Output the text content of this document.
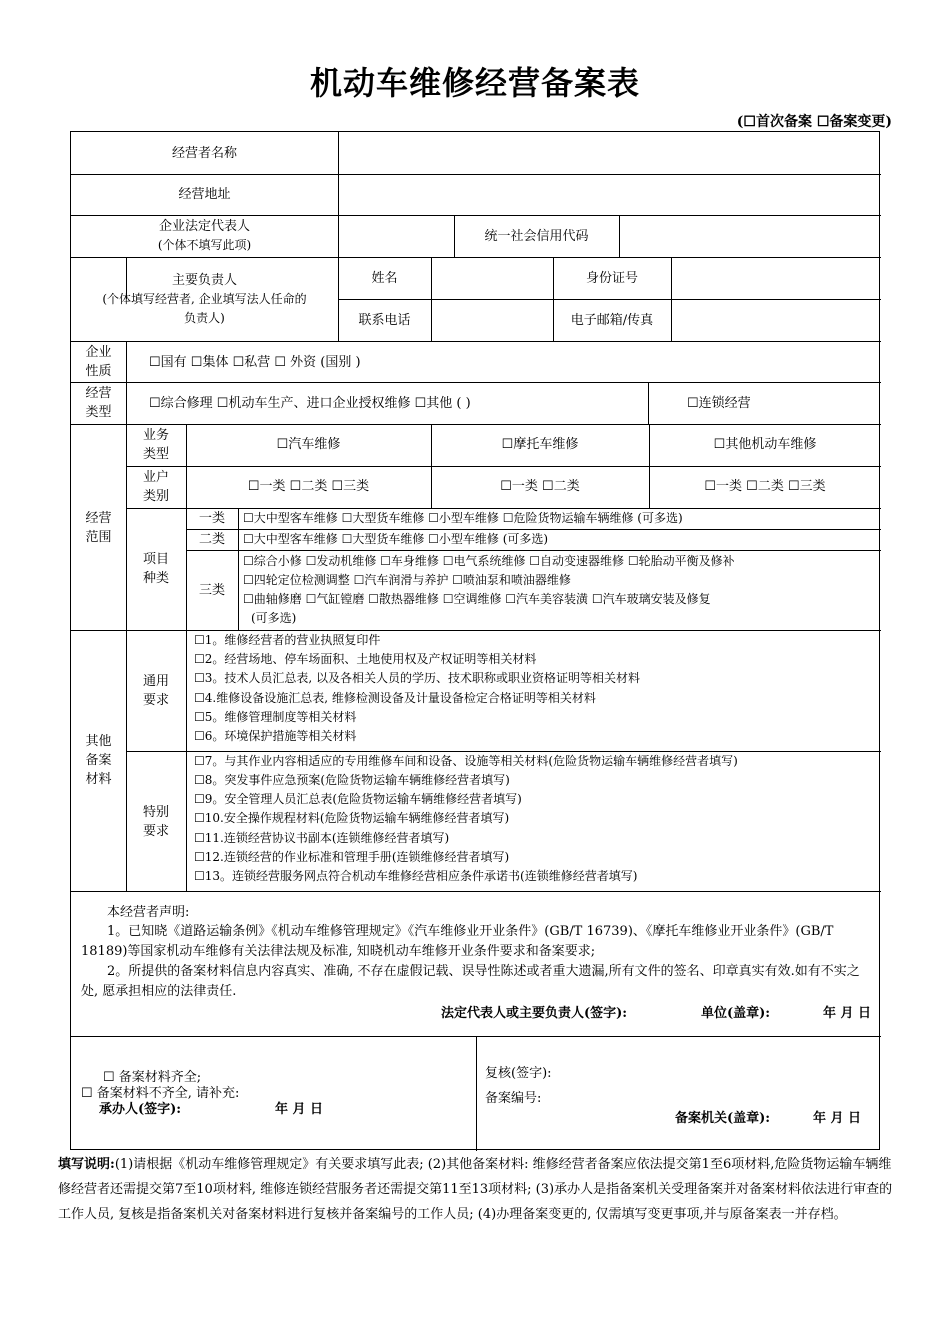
机动车维修经营备案表
(☐首次备案 ☐备案变更)
经营者名称
经营地址
企业法定代表人
(个体不填写此项)
统一社会信用代码
主要负责人
(个体填写经营者, 企业填写法人任命的
负责人)
姓名	身份证号
联系电话	电子邮箱/传真
企业
性质
☐国有 ☐集体 ☐私营 ☐ 外资 (国别 )
经营
类型
☐综合修理 ☐机动车生产、进口企业授权维修 ☐其他 ( )	☐连锁经营
经营
范围
业务
类型
☐汽车维修	☐摩托车维修	☐其他机动车维修
业户
类别
☐一类 ☐二类 ☐三类	☐一类 ☐二类	☐一类 ☐二类 ☐三类
项目
种类
一类	☐大中型客车维修 ☐大型货车维修 ☐小型车维修 ☐危险货物运输车辆维修 (可多选)
二类	☐大中型客车维修 ☐大型货车维修 ☐小型车维修 (可多选)
三类
☐综合小修 ☐发动机维修 ☐车身维修 ☐电气系统维修 ☐自动变速器维修 ☐轮胎动平衡及修补
☐四轮定位检测调整 ☐汽车润滑与养护 ☐喷油泵和喷油器维修
☐曲轴修磨 ☐气缸镗磨 ☐散热器维修 ☐空调维修 ☐汽车美容装潢 ☐汽车玻璃安装及修复
(可多选)
其他
备案
材料
通用
要求
特别
要求
☐1。维修经营者的营业执照复印件
☐2。经营场地、停车场面积、土地使用权及产权证明等相关材料
☐3。技术人员汇总表, 以及各相关人员的学历、技术职称或职业资格证明等相关材料
☐4.维修设备设施汇总表, 维修检测设备及计量设备检定合格证明等相关材料
☐5。维修管理制度等相关材料
☐6。环境保护措施等相关材料
☐7。与其作业内容相适应的专用维修车间和设备、设施等相关材料(危险货物运输车辆维修经营者填写)
☐8。突发事件应急预案(危险货物运输车辆维修经营者填写)
☐9。安全管理人员汇总表(危险货物运输车辆维修经营者填写)
☐10.安全操作规程材料(危险货物运输车辆维修经营者填写)
☐11.连锁经营协议书副本(连锁维修经营者填写)
☐12.连锁经营的作业标准和管理手册(连锁维修经营者填写)
☐13。连锁经营服务网点符合机动车维修经营相应条件承诺书(连锁维修经营者填写)
本经营者声明:
1。已知晓《道路运输条例》《机动车维修管理规定》《汽车维修业开业条件》(GB/T 16739)、《摩托车维修业开业条件》(GB/T 18189)等国家机动车维修有关法律法规及标准, 知晓机动车维修开业条件要求和备案要求;
2。所提供的备案材料信息内容真实、准确, 不存在虚假记载、误导性陈述或者重大遗漏,所有文件的签名、印章真实有效.如有不实之处, 愿承担相应的法律责任.
法定代表人或主要负责人(签字):	单位(盖章):	年 月 日
☐ 备案材料齐全;
☐ 备案材料不齐全, 请补充:
承办人(签字):	年 月 日
复核(签字):
备案编号:
备案机关(盖章):	年 月 日
填写说明:(1)请根据《机动车维修管理规定》有关要求填写此表; (2)其他备案材料: 维修经营者备案应依法提交第1至6项材料,危险货物运输车辆维修经营者还需提交第7至10项材料, 维修连锁经营服务者还需提交第11至13项材料; (3)承办人是指备案机关受理备案并对备案材料依法进行审查的工作人员, 复核是指备案机关对备案材料进行复核并备案编号的工作人员; (4)办理备案变更的, 仅需填写变更事项,并与原备案表一并存档。
